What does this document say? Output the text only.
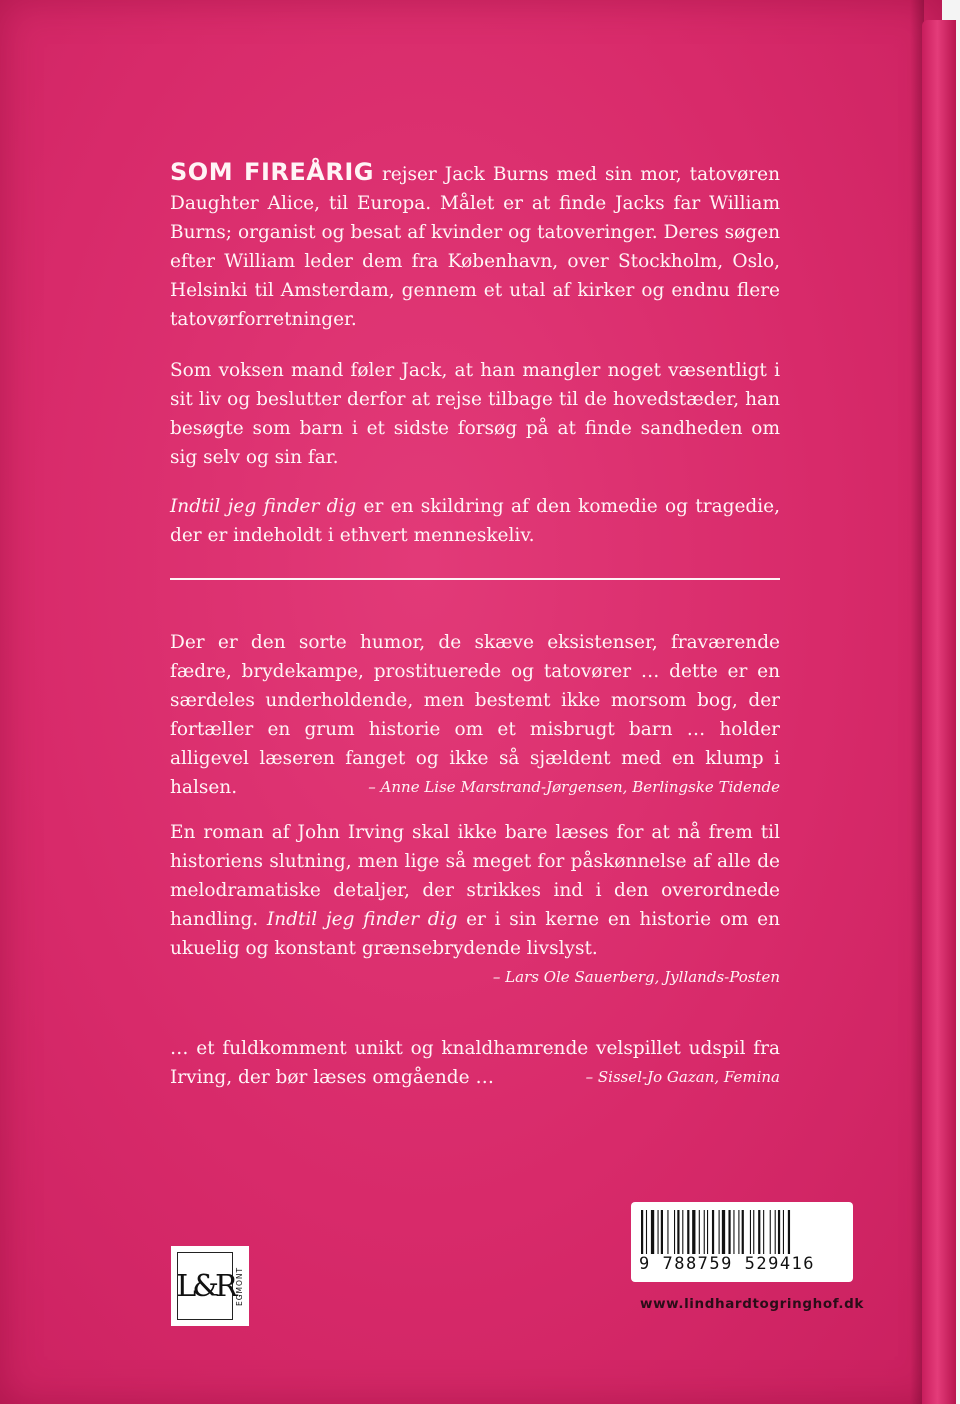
SOM FIREÅRIG rejser Jack Burns med sin mor, tatovøren Daughter Alice, til Europa. Målet er at finde Jacks far William Burns; organist og besat af kvinder og tatoveringer. Deres søgen efter William leder dem fra København, over Stockholm, Oslo, Helsinki til Amsterdam, gennem et utal af kirker og endnu flere tatovørforretninger.
Som voksen mand føler Jack, at han mangler noget væsentligt i sit liv og beslutter derfor at rejse tilbage til de hovedstæder, han besøgte som barn i et sidste forsøg på at finde sandheden om sig selv og sin far.
Indtil jeg finder dig er en skildring af den komedie og tragedie, der er indeholdt i ethvert menneskeliv.
Der er den sorte humor, de skæve eksistenser, fraværende fædre, brydekampe, prostituerede og tatovører … dette er en særdeles underholdende, men bestemt ikke morsom bog, der fortæller en grum historie om et misbrugt barn … holder alligevel læseren fanget og ikke så sjældent med en klump i halsen.	– Anne Lise Marstrand-Jørgensen, Berlingske Tidende
En roman af John Irving skal ikke bare læses for at nå frem til historiens slutning, men lige så meget for påskønnelse af alle de melodramatiske detaljer, der strikkes ind i den overordnede handling. Indtil jeg finder dig er i sin kerne en historie om en ukuelig og konstant grænsebrydende livslyst.

– Lars Ole Sauerberg, Jyllands-Posten
… et fuldkomment unikt og knaldhamrende velspillet udspil fra Irving, der bør læses omgående …	– Sissel-Jo Gazan, Femina
L&R EGMONT
9 788759 529416
www.lindhardtogringhof.dk
